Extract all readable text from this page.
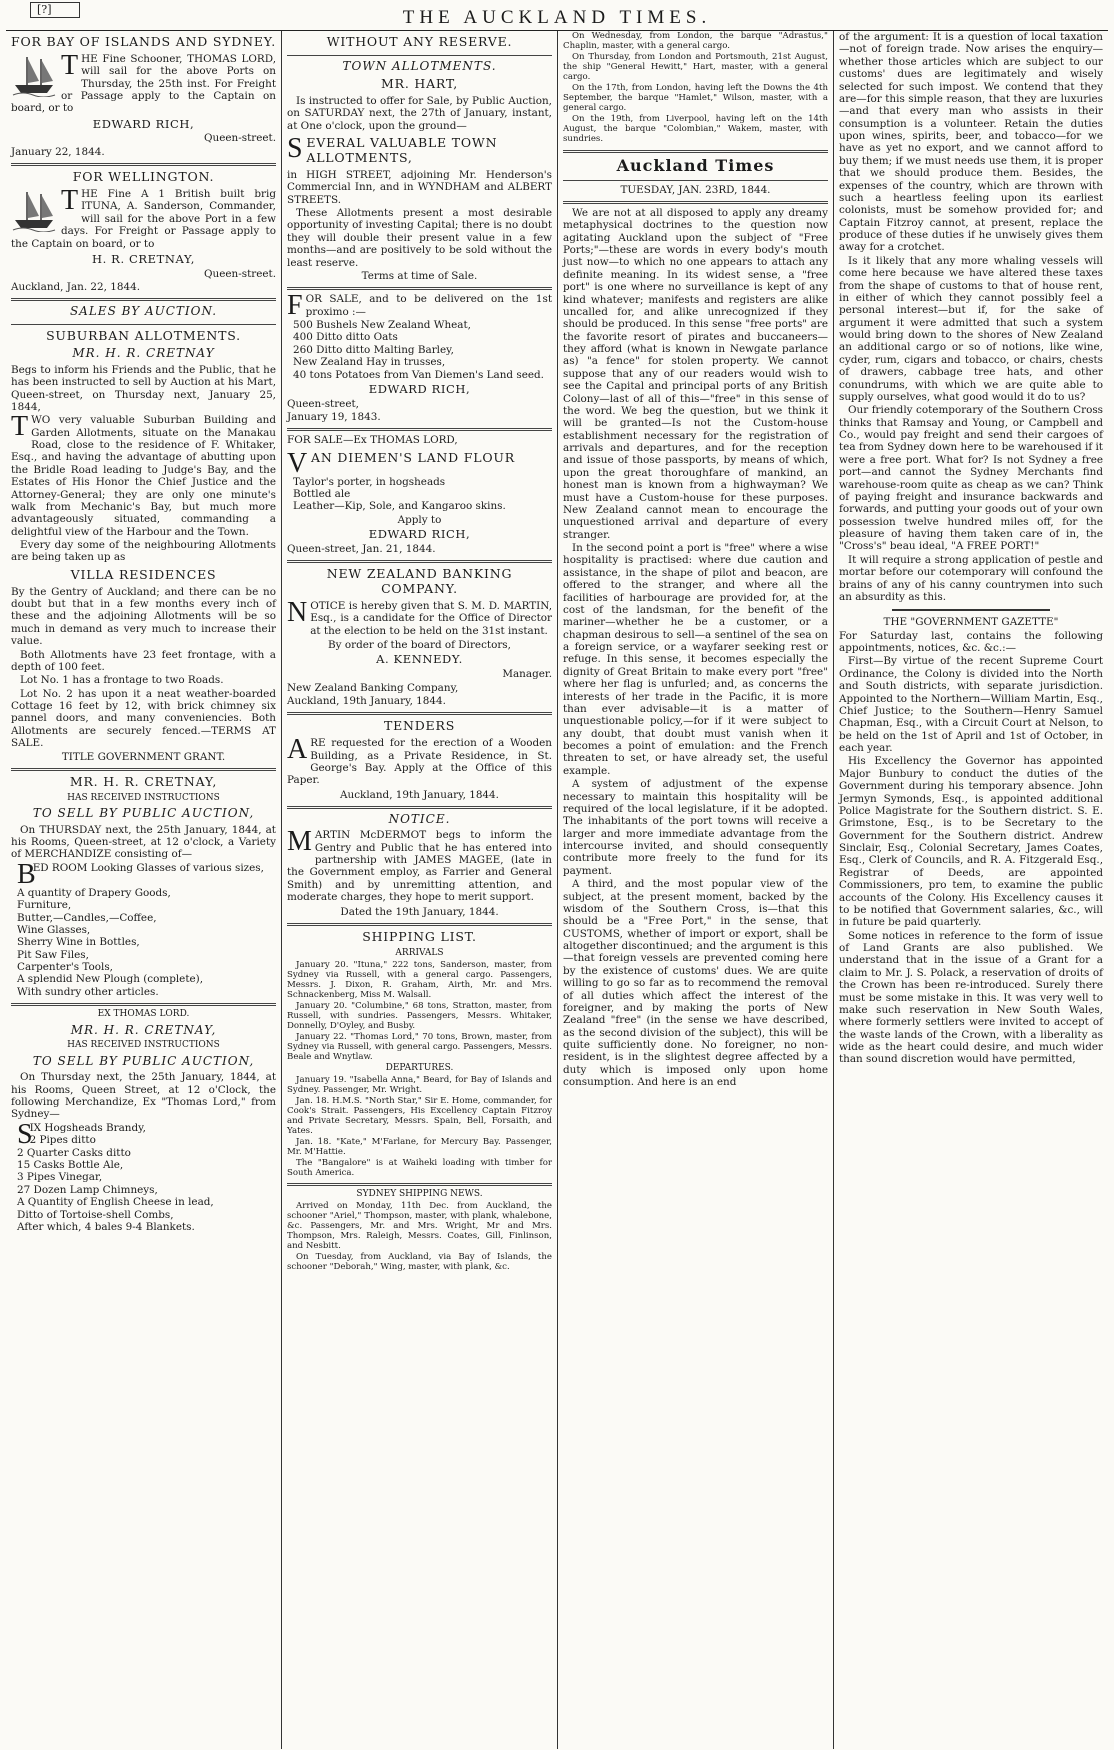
[?]	THE AUCKLAND TIMES.
FOR BAY OF ISLANDS AND SYDNEY.

THE Fine Schooner, THOMAS LORD, will sail for the above Ports on Thursday, the 25th inst. For Freight or Passage apply to the Captain on board, or to

EDWARD RICH,
Queen-street.
January 22, 1844.
FOR WELLINGTON.

THE Fine A 1 British built brig ITUNA, A. Sanderson, Commander, will sail for the above Port in a few days. For Freight or Passage apply to the Captain on board, or to

H. R. CRETNAY,
Queen-street.
Auckland, Jan. 22, 1844.
SALES BY AUCTION.
SUBURBAN ALLOTMENTS.
MR. H. R. CRETNAY

Begs to inform his Friends and the Public, that he has been instructed to sell by Auction at his Mart, Queen-street, on Thursday next, January 25, 1844,

TWO very valuable Suburban Building and Garden Allotments, situate on the Manakau Road, close to the residence of F. Whitaker, Esq., and having the advantage of abutting upon the Bridle Road leading to Judge's Bay, and the Estates of His Honor the Chief Justice and the Attorney-General; they are only one minute's walk from Mechanic's Bay, but much more advantageously situated, commanding a delightful view of the Harbour and the Town.

Every day some of the neighbouring Allotments are being taken up as

VILLA RESIDENCES

By the Gentry of Auckland; and there can be no doubt but that in a few months every inch of these and the adjoining Allotments will be so much in demand as very much to increase their value.

Both Allotments have 23 feet frontage, with a depth of 100 feet.

Lot No. 1 has a frontage to two Roads.

Lot No. 2 has upon it a neat weather-boarded Cottage 16 feet by 12, with brick chimney six pannel doors, and many conveniencies. Both Allotments are securely fenced.—TERMS AT SALE.

TITLE GOVERNMENT GRANT.
MR. H. R. CRETNAY,
HAS RECEIVED INSTRUCTIONS
TO SELL BY PUBLIC AUCTION,

On THURSDAY next, the 25th January, 1844, at his Rooms, Queen-street, at 12 o'clock, a Variety of MERCHANDIZE consisting of—

B
ED ROOM Looking Glasses of various sizes,
A quantity of Drapery Goods,
Furniture,
Butter,—Candles,—Coffee,
Wine Glasses,
Sherry Wine in Bottles,
Pit Saw Files,
Carpenter's Tools,
A splendid New Plough (complete),
With sundry other articles.
EX THOMAS LORD.
MR. H. R. CRETNAY,
HAS RECEIVED INSTRUCTIONS
TO SELL BY PUBLIC AUCTION,

On Thursday next, the 25th January, 1844, at his Rooms, Queen Street, at 12 o'Clock, the following Merchandize, Ex "Thomas Lord," from Sydney—

S
IX Hogsheads Brandy,
2 Pipes ditto
2 Quarter Casks ditto
15 Casks Bottle Ale,
3 Pipes Vinegar,
27 Dozen Lamp Chimneys,
A Quantity of English Cheese in lead,
Ditto of Tortoise-shell Combs,
After which, 4 bales 9-4 Blankets.
WITHOUT ANY RESERVE.
TOWN ALLOTMENTS.
MR. HART,

Is instructed to offer for Sale, by Public Auction, on SATURDAY next, the 27th of January, instant, at One o'clock, upon the ground—

SEVERAL VALUABLE TOWN ALLOTMENTS,

in HIGH STREET, adjoining Mr. Henderson's Commercial Inn, and in WYNDHAM and ALBERT STREETS.

These Allotments present a most desirable opportunity of investing Capital; there is no doubt they will double their present value in a few months—and are positively to be sold without the least reserve.

Terms at time of Sale.

FOR SALE, and to be delivered on the 1st proximo :—

500 Bushels New Zealand Wheat,
400 Ditto ditto Oats
260 Ditto ditto Malting Barley,
New Zealand Hay in trusses,
40 tons Potatoes from Van Diemen's Land seed.
EDWARD RICH,
Queen-street,
January 19, 1843.
FOR SALE—Ex THOMAS LORD,
VAN DIEMEN'S LAND FLOUR
Taylor's porter, in hogsheads
Bottled ale
Leather—Kip, Sole, and Kangaroo skins.
Apply to
EDWARD RICH,
Queen-street, Jan. 21, 1844.
NEW ZEALAND BANKING COMPANY.

NOTICE is hereby given that S. M. D. MARTIN, Esq., is a candidate for the Office of Director at the election to be held on the 31st instant.

By order of the board of Directors,
A. KENNEDY.
Manager.
New Zealand Banking Company,
Auckland, 19th January, 1844.
TENDERS

ARE requested for the erection of a Wooden Building, as a Private Residence, in St. George's Bay. Apply at the Office of this Paper.

Auckland, 19th January, 1844.
NOTICE.

MARTIN McDERMOT begs to inform the Gentry and Public that he has entered into partnership with JAMES MAGEE, (late in the Government employ, as Farrier and General Smith) and by unremitting attention, and moderate charges, they hope to merit support.

Dated the 19th January, 1844.
SHIPPING LIST.
ARRIVALS

January 20. "Ituna," 222 tons, Sanderson, master, from Sydney via Russell, with a general cargo. Passengers, Messrs. J. Dixon, R. Graham, Airth, Mr. and Mrs. Schnackenberg, Miss M. Walsall.

January 20. "Columbine," 68 tons, Stratton, master, from Russell, with sundries. Passengers, Messrs. Whitaker, Donnelly, D'Oyley, and Busby.

January 22. "Thomas Lord," 70 tons, Brown, master, from Sydney via Russell, with general cargo. Passengers, Messrs. Beale and Wnytlaw.

DEPARTURES.

January 19. "Isabella Anna," Beard, for Bay of Islands and Sydney. Passenger, Mr. Wright.

Jan. 18. H.M.S. "North Star," Sir E. Home, commander, for Cook's Strait. Passengers, His Excellency Captain Fitzroy and Private Secretary, Messrs. Spain, Bell, Forsaith, and Yates.

Jan. 18. "Kate," M'Farlane, for Mercury Bay. Passenger, Mr. M'Hattie.

The "Bangalore" is at Waiheki loading with timber for South America.

SYDNEY SHIPPING NEWS.

Arrived on Monday, 11th Dec. from Auckland, the schooner "Ariel," Thompson, master, with plank, whalebone, &c. Passengers, Mr. and Mrs. Wright, Mr and Mrs. Thompson, Mrs. Raleigh, Messrs. Coates, Gill, Finlinson, and Nesbitt.

On Tuesday, from Auckland, via Bay of Islands, the schooner "Deborah," Wing, master, with plank, &c.

On Wednesday, from London, the barque "Adrastus," Chaplin, master, with a general cargo.

On Thursday, from London and Portsmouth, 21st August, the ship "General Hewitt," Hart, master, with a general cargo.

On the 17th, from London, having left the Downs the 4th September, the barque "Hamlet," Wilson, master, with a general cargo.

On the 19th, from Liverpool, having left on the 14th August, the barque "Colombian," Wakem, master, with sundries.

Auckland Times
TUESDAY, JAN. 23RD, 1844.

We are not at all disposed to apply any dreamy metaphysical doctrines to the question now agitating Auckland upon the subject of "Free Ports;"—these are words in every body's mouth just now—to which no one appears to attach any definite meaning. In its widest sense, a "free port" is one where no surveillance is kept of any kind whatever; manifests and registers are alike uncalled for, and alike unrecognized if they should be produced. In this sense "free ports" are the favorite resort of pirates and buccaneers—they afford (what is known in Newgate parlance as) "a fence" for stolen property. We cannot suppose that any of our readers would wish to see the Capital and principal ports of any British Colony—last of all of this—"free" in this sense of the word. We beg the question, but we think it will be granted—Is not the Custom-house establishment necessary for the registration of arrivals and departures, and for the reception and issue of those passports, by means of which, upon the great thoroughfare of mankind, an honest man is known from a highwayman? We must have a Custom-house for these purposes. New Zealand cannot mean to encourage the unquestioned arrival and departure of every stranger.

In the second point a port is "free" where a wise hospitality is practised: where due caution and assistance, in the shape of pilot and beacon, are offered to the stranger, and where all the facilities of harbourage are provided for, at the cost of the landsman, for the benefit of the mariner—whether he be a customer, or a chapman desirous to sell—a sentinel of the sea on a foreign service, or a wayfarer seeking rest or refuge. In this sense, it becomes especially the dignity of Great Britain to make every port "free" where her flag is unfurled; and, as concerns the interests of her trade in the Pacific, it is more than ever advisable—it is a matter of unquestionable policy,—for if it were subject to any doubt, that doubt must vanish when it becomes a point of emulation: and the French threaten to set, or have already set, the useful example.

A system of adjustment of the expense necessary to maintain this hospitality will be required of the local legislature, if it be adopted. The inhabitants of the port towns will receive a larger and more immediate advantage from the intercourse invited, and should consequently contribute more freely to the fund for its payment.

A third, and the most popular view of the subject, at the present moment, backed by the wisdom of the Southern Cross, is—that this should be a "Free Port," in the sense, that CUSTOMS, whether of import or export, shall be altogether discontinued; and the argument is this—that foreign vessels are prevented coming here by the existence of customs' dues. We are quite willing to go so far as to recommend the removal of all duties which affect the interest of the foreigner, and by making the ports of New Zealand "free" (in the sense we have described, as the second division of the subject), this will be quite sufficiently done. No foreigner, no non-resident, is in the slightest degree affected by a duty which is imposed only upon home consumption. And here is an end

of the argument: It is a question of local taxation—not of foreign trade. Now arises the enquiry—whether those articles which are subject to our customs' dues are legitimately and wisely selected for such impost. We contend that they are—for this simple reason, that they are luxuries—and that every man who assists in their consumption is a volunteer. Retain the duties upon wines, spirits, beer, and tobacco—for we have as yet no export, and we cannot afford to buy them; if we must needs use them, it is proper that we should produce them. Besides, the expenses of the country, which are thrown with such a heartless feeling upon its earliest colonists, must be somehow provided for; and Captain Fitzroy cannot, at present, replace the produce of these duties if he unwisely gives them away for a crotchet.

Is it likely that any more whaling vessels will come here because we have altered these taxes from the shape of customs to that of house rent, in either of which they cannot possibly feel a personal interest—but if, for the sake of argument it were admitted that such a system would bring down to the shores of New Zealand an additional cargo or so of notions, like wine, cyder, rum, cigars and tobacco, or chairs, chests of drawers, cabbage tree hats, and other conundrums, with which we are quite able to supply ourselves, what good would it do to us?

Our friendly cotemporary of the Southern Cross thinks that Ramsay and Young, or Campbell and Co., would pay freight and send their cargoes of tea from Sydney down here to be warehoused if it were a free port. What for? Is not Sydney a free port—and cannot the Sydney Merchants find warehouse-room quite as cheap as we can? Think of paying freight and insurance backwards and forwards, and putting your goods out of your own possession twelve hundred miles off, for the pleasure of having them taken care of in, the "Cross's" beau ideal, "A FREE PORT!"

It will require a strong application of pestle and mortar before our cotemporary will confound the brains of any of his canny countrymen into such an absurdity as this.

THE "GOVERNMENT GAZETTE"

For Saturday last, contains the following appointments, notices, &c. &c.:—

First—By virtue of the recent Supreme Court Ordinance, the Colony is divided into the North and South districts, with separate jurisdiction. Appointed to the Northern—William Martin, Esq., Chief Justice; to the Southern—Henry Samuel Chapman, Esq., with a Circuit Court at Nelson, to be held on the 1st of April and 1st of October, in each year.

His Excellency the Governor has appointed Major Bunbury to conduct the duties of the Government during his temporary absence. John Jermyn Symonds, Esq., is appointed additional Police Magistrate for the Southern district. S. E. Grimstone, Esq., is to be Secretary to the Government for the Southern district. Andrew Sinclair, Esq., Colonial Secretary, James Coates, Esq., Clerk of Councils, and R. A. Fitzgerald Esq., Registrar of Deeds, are appointed Commissioners, pro tem, to examine the public accounts of the Colony. His Excellency causes it to be notified that Government salaries, &c., will in future be paid quarterly.

Some notices in reference to the form of issue of Land Grants are also published. We understand that in the issue of a Grant for a claim to Mr. J. S. Polack, a reservation of droits of the Crown has been re-introduced. Surely there must be some mistake in this. It was very well to make such reservation in New South Wales, where formerly settlers were invited to accept of the waste lands of the Crown, with a liberality as wide as the heart could desire, and much wider than sound discretion would have permitted,
